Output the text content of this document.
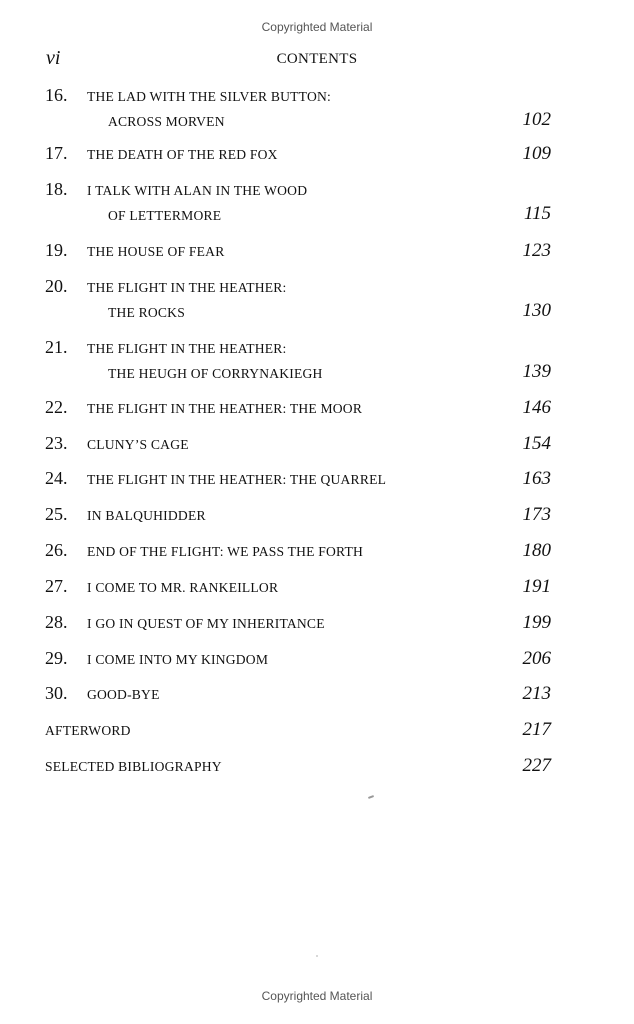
Copyrighted Material
vi	CONTENTS
16.	THE LAD WITH THE SILVER BUTTON:
ACROSS MORVEN	102
17.	THE DEATH OF THE RED FOX	109
18.	I TALK WITH ALAN IN THE WOOD
OF LETTERMORE	115
19.	THE HOUSE OF FEAR	123
20.	THE FLIGHT IN THE HEATHER:
THE ROCKS	130
21.	THE FLIGHT IN THE HEATHER:
THE HEUGH OF CORRYNAKIEGH	139
22.	THE FLIGHT IN THE HEATHER: THE MOOR	146
23.	CLUNY’S CAGE	154
24.	THE FLIGHT IN THE HEATHER: THE QUARREL	163
25.	IN BALQUHIDDER	173
26.	END OF THE FLIGHT: WE PASS THE FORTH	180
27.	I COME TO MR. RANKEILLOR	191
28.	I GO IN QUEST OF MY INHERITANCE	199
29.	I COME INTO MY KINGDOM	206
30.	GOOD-BYE	213
AFTERWORD	217
SELECTED BIBLIOGRAPHY	227
Copyrighted Material
